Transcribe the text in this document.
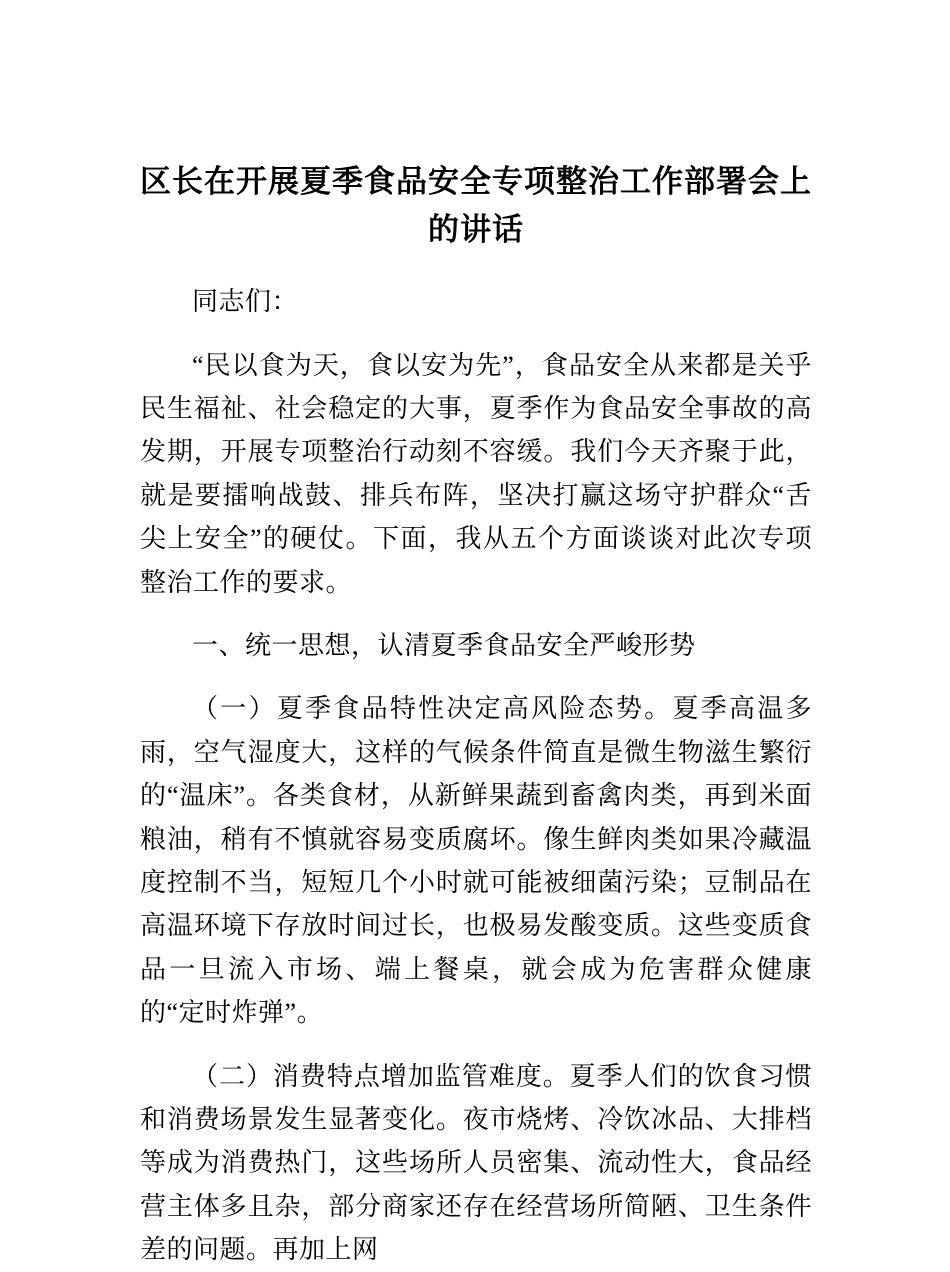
区长在开展夏季食品安全专项整治工作部署会上的讲话

同志们：

“民以食为天，食以安为先”，食品安全从来都是关乎民生福祉、社会稳定的大事，夏季作为食品安全事故的高发期，开展专项整治行动刻不容缓。我们今天齐聚于此，就是要擂响战鼓、排兵布阵，坚决打赢这场守护群众“舌尖上安全”的硬仗。下面，我从五个方面谈谈对此次专项整治工作的要求。

一、统一思想，认清夏季食品安全严峻形势

（一）夏季食品特性决定高风险态势。夏季高温多雨，空气湿度大，这样的气候条件简直是微生物滋生繁衍的“温床”。各类食材，从新鲜果蔬到畜禽肉类，再到米面粮油，稍有不慎就容易变质腐坏。像生鲜肉类如果冷藏温度控制不当，短短几个小时就可能被细菌污染；豆制品在高温环境下存放时间过长，也极易发酸变质。这些变质食品一旦流入市场、端上餐桌，就会成为危害群众健康的“定时炸弹”。

（二）消费特点增加监管难度。夏季人们的饮食习惯和消费场景发生显著变化。夜市烧烤、冷饮冰品、大排档等成为消费热门，这些场所人员密集、流动性大，食品经营主体多且杂，部分商家还存在经营场所简陋、卫生条件差的问题。再加上网
